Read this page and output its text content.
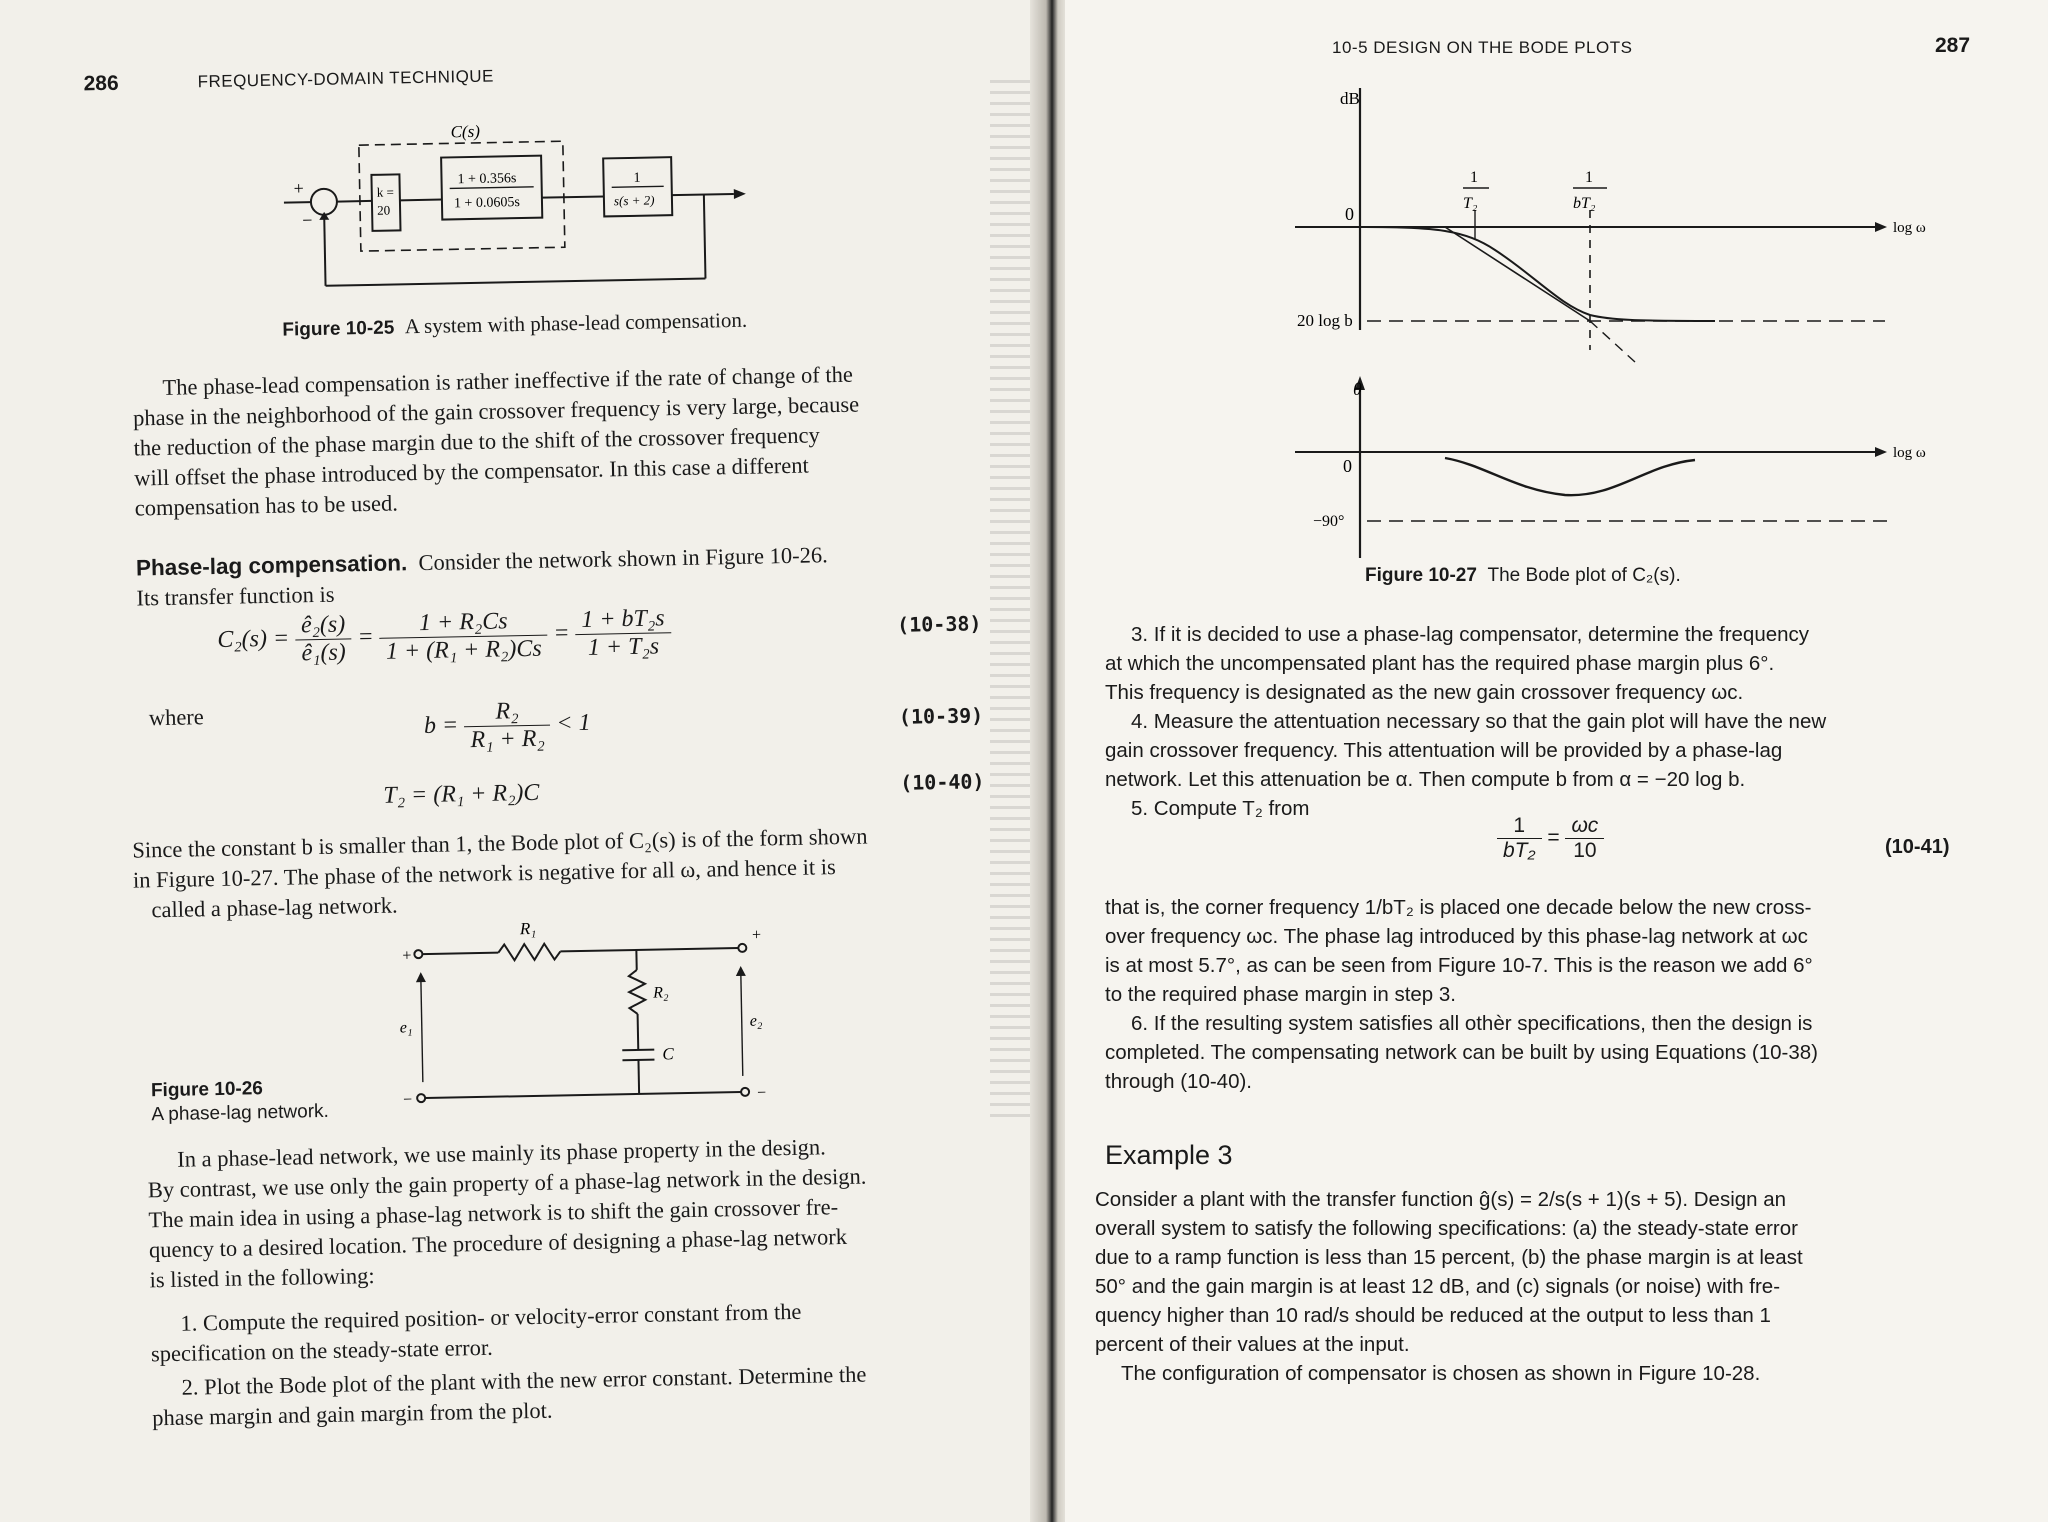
286	FREQUENCY-DOMAIN TECHNIQUE
C(s)
+
−
k =
20
1 + 0.356s
1 + 0.0605s
1
s(s + 2)
Figure 10-25 A system with phase-lead compensation.
The phase-lead compensation is rather ineffective if the rate of change of the
phase in the neighborhood of the gain crossover frequency is very large, because
the reduction of the phase margin due to the shift of the crossover frequency
will offset the phase introduced by the compensator. In this case a different
compensation has to be used.
Phase-lag compensation. Consider the network shown in Figure 10-26.
Its transfer function is
$C_2(s) = \frac{\text{ê₂(s)}}{\text{ê₁(s)}} = \frac{\text{1 + R₂Cs}}{\text{1 + (R₁ + R₂)Cs}} = \frac{\text{1 + bT₂s}}{\text{1 + T₂s}}$	(10-38)
where	$b = \frac{\text{R₂}}{\text{R₁ + R₂}} < 1$	(10-39)
T₂ = (R₁ + R₂)C	(10-40)
Since the constant b is smaller than 1, the Bode plot of C₂(s) is of the form shown
in Figure 10-27. The phase of the network is negative for all ω, and hence it is
called a phase-lag network.
R₁
R₂
C
e₁	e₂
+
+
−	−
Figure 10-26
A phase-lag network.
In a phase-lead network, we use mainly its phase property in the design.
By contrast, we use only the gain property of a phase-lag network in the design.
The main idea in using a phase-lag network is to shift the gain crossover fre-
quency to a desired location. The procedure of designing a phase-lag network
is listed in the following:
1. Compute the required position- or velocity-error constant from the
specification on the steady-state error.
2. Plot the Bode plot of the plant with the new error constant. Determine the
phase margin and gain margin from the plot.
10-5 DESIGN ON THE BODE PLOTS	287
dB
0
20 log b
1
T₂
1
bT₂
log ω
θ
0
−90°
log ω
Figure 10-27 The Bode plot of C₂(s).
3. If it is decided to use a phase-lag compensator, determine the frequency
at which the uncompensated plant has the required phase margin plus 6°.
This frequency is designated as the new gain crossover frequency ωc.
4. Measure the attentuation necessary so that the gain plot will have the new
gain crossover frequency. This attentuation will be provided by a phase-lag
network. Let this attenuation be α. Then compute b from α = −20 log b.
5. Compute T₂ from
$\frac{1}{\text{bT₂}} = \frac{\omega c}{10}$	(10-41)
that is, the corner frequency 1/bT₂ is placed one decade below the new cross-
over frequency ωc. The phase lag introduced by this phase-lag network at ωc
is at most 5.7°, as can be seen from Figure 10-7. This is the reason we add 6°
to the required phase margin in step 3.
6. If the resulting system satisfies all othèr specifications, then the design is
completed. The compensating network can be built by using Equations (10-38)
through (10-40).
Example 3
Consider a plant with the transfer function ĝ(s) = 2/s(s + 1)(s + 5). Design an
overall system to satisfy the following specifications: (a) the steady-state error
due to a ramp function is less than 15 percent, (b) the phase margin is at least
50° and the gain margin is at least 12 dB, and (c) signals (or noise) with fre-
quency higher than 10 rad/s should be reduced at the output to less than 1
percent of their values at the input.
The configuration of compensator is chosen as shown in Figure 10-28.
